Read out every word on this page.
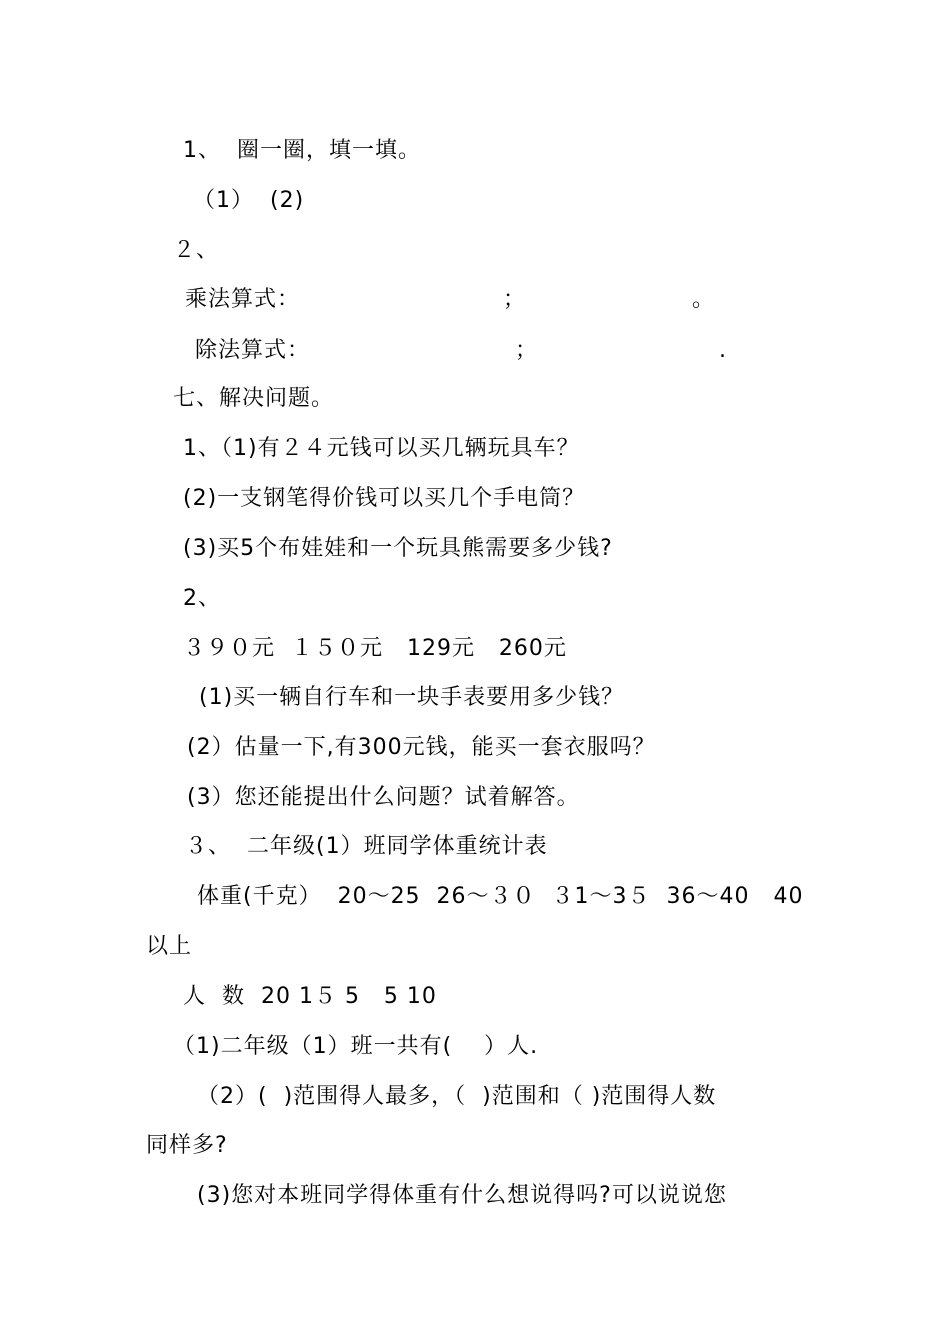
1、  圈一圈，填一填。
（1）  (2)
２、
乘法算式：	；	。
除法算式：	；	.
七、解决问题。
1、（1)有２４元钱可以买几辆玩具车？
(2)一支钢笔得价钱可以买几个手电筒？
(3)买5个布娃娃和一个玩具熊需要多少钱?
2、
３９０元  １５０元   129元   260元
(1)买一辆自行车和一块手表要用多少钱？
(2）估量一下,有300元钱，能买一套衣服吗？
(3）您还能提出什么问题？试着解答。
３、  二年级(1）班同学体重统计表
体重(千克）  20～25  26～３０  ３1～3５  36～40   40
以上
人  数  20 1５ 5   5 10
（1)二年级（1）班一共有(    ）人.
（2）(  )范围得人最多，（  )范围和（ )范围得人数
同样多?
(3)您对本班同学得体重有什么想说得吗?可以说说您
